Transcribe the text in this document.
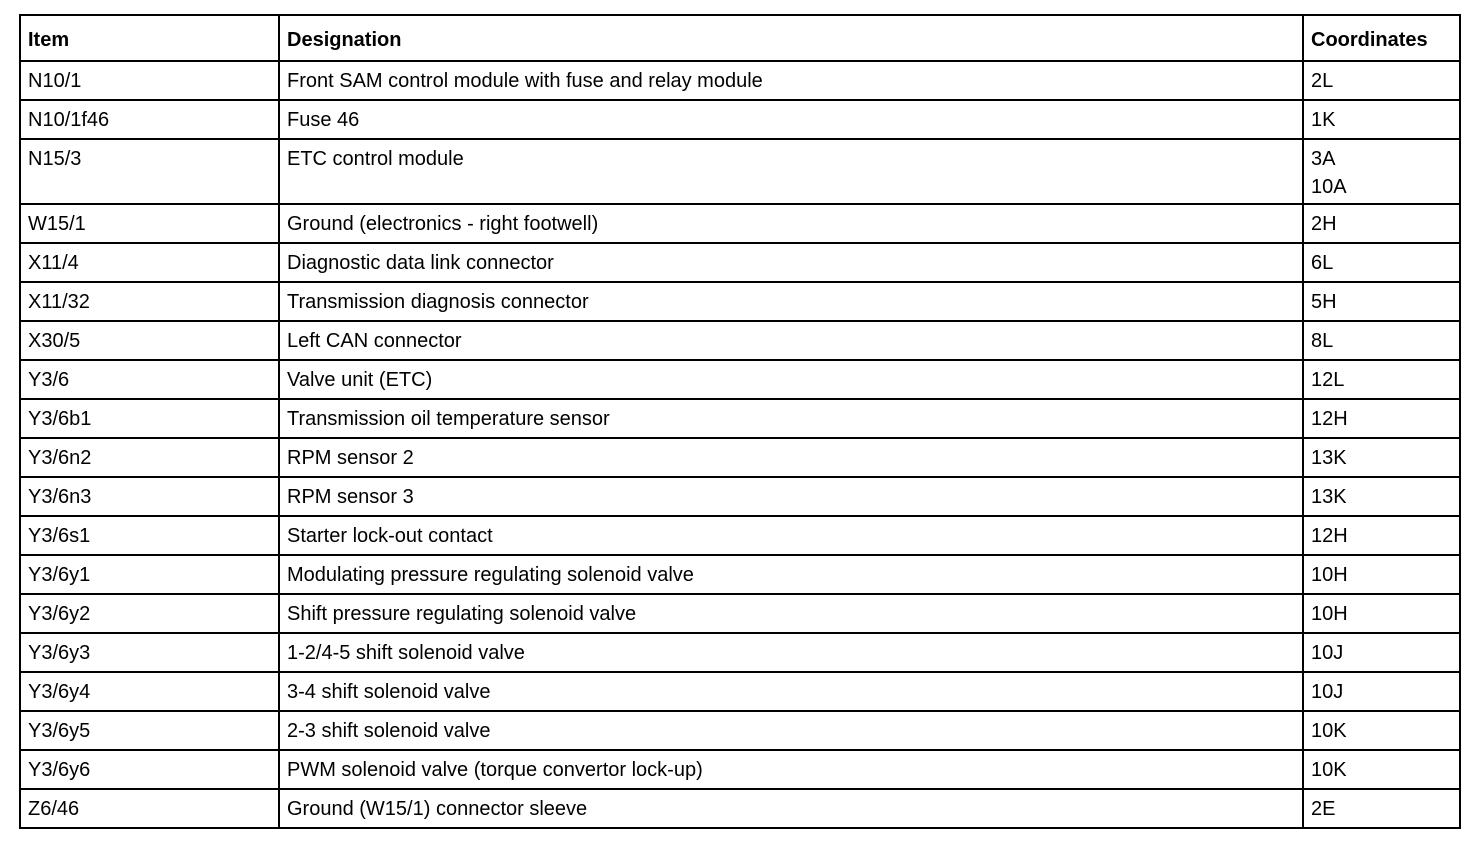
Item	Designation	Coordinates
N10/1	Front SAM control module with fuse and relay module	2L

N10/1f46	Fuse 46	1K

N15/3	ETC control module	3A
10A

W15/1	Ground (electronics - right footwell)	2H

X11/4	Diagnostic data link connector	6L

X11/32	Transmission diagnosis connector	5H

X30/5	Left CAN connector	8L

Y3/6	Valve unit (ETC)	12L

Y3/6b1	Transmission oil temperature sensor	12H

Y3/6n2	RPM sensor 2	13K

Y3/6n3	RPM sensor 3	13K

Y3/6s1	Starter lock-out contact	12H

Y3/6y1	Modulating pressure regulating solenoid valve	10H

Y3/6y2	Shift pressure regulating solenoid valve	10H

Y3/6y3	1-2/4-5 shift solenoid valve	10J

Y3/6y4	3-4 shift solenoid valve	10J

Y3/6y5	2-3 shift solenoid valve	10K

Y3/6y6	PWM solenoid valve (torque convertor lock-up)	10K

Z6/46	Ground (W15/1) connector sleeve	2E
